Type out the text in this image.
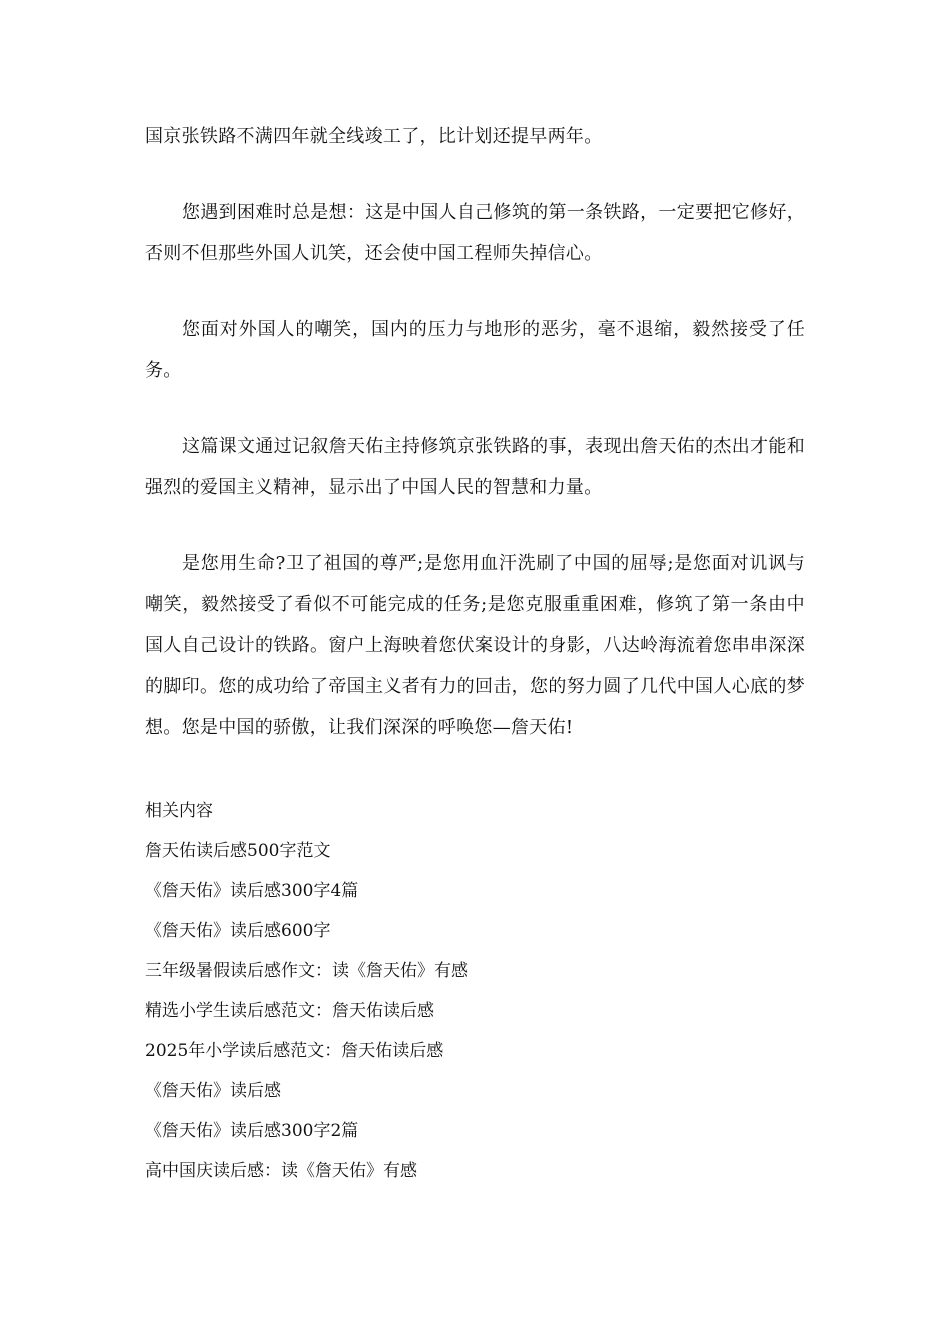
国京张铁路不满四年就全线竣工了，比计划还提早两年。

您遇到困难时总是想：这是中国人自己修筑的第一条铁路，一定要把它修好，否则不但那些外国人讥笑，还会使中国工程师失掉信心。

您面对外国人的嘲笑，国内的压力与地形的恶劣，毫不退缩，毅然接受了任务。

这篇课文通过记叙詹天佑主持修筑京张铁路的事，表现出詹天佑的杰出才能和强烈的爱国主义精神，显示出了中国人民的智慧和力量。

是您用生命?卫了祖国的尊严;是您用血汗洗刷了中国的屈辱;是您面对讥讽与嘲笑，毅然接受了看似不可能完成的任务;是您克服重重困难，修筑了第一条由中国人自己设计的铁路。窗户上海映着您伏案设计的身影，八达岭海流着您串串深深的脚印。您的成功给了帝国主义者有力的回击，您的努力圆了几代中国人心底的梦想。您是中国的骄傲，让我们深深的呼唤您—詹天佑!

相关内容
詹天佑读后感500字范文
《詹天佑》读后感300字4篇
《詹天佑》读后感600字
三年级暑假读后感作文：读《詹天佑》有感
精选小学生读后感范文：詹天佑读后感
2025年小学读后感范文：詹天佑读后感
《詹天佑》读后感
《詹天佑》读后感300字2篇
高中国庆读后感：读《詹天佑》有感
